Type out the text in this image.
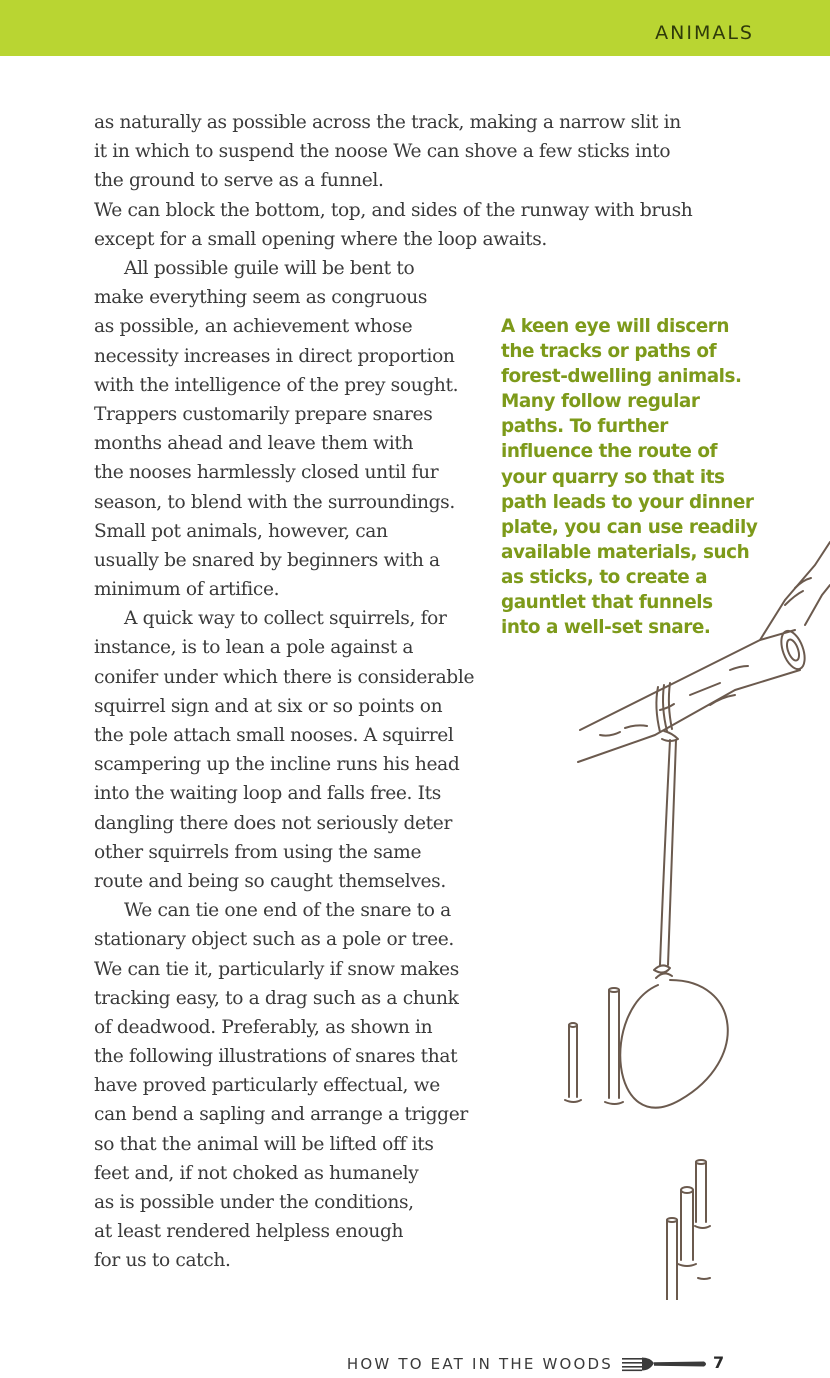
ANIMALS
as naturally as possible across the track, making a narrow slit in
it in which to suspend the noose We can shove a few sticks into
the ground to serve as a funnel.
We can block the bottom, top, and sides of the runway with brush
except for a small opening where the loop awaits.
All possible guile will be bent to
make everything seem as congruous
as possible, an achievement whose
necessity increases in direct proportion
with the intelligence of the prey sought.
Trappers customarily prepare snares
months ahead and leave them with
the nooses harmlessly closed until fur
season, to blend with the surroundings.
Small pot animals, however, can
usually be snared by beginners with a
minimum of artifice.
A quick way to collect squirrels, for
instance, is to lean a pole against a
conifer under which there is considerable
squirrel sign and at six or so points on
the pole attach small nooses. A squirrel
scampering up the incline runs his head
into the waiting loop and falls free. Its
dangling there does not seriously deter
other squirrels from using the same
route and being so caught themselves.
We can tie one end of the snare to a
stationary object such as a pole or tree.
We can tie it, particularly if snow makes
tracking easy, to a drag such as a chunk
of deadwood. Preferably, as shown in
the following illustrations of snares that
have proved particularly effectual, we
can bend a sapling and arrange a trigger
so that the animal will be lifted off its
feet and, if not choked as humanely
as is possible under the conditions,
at least rendered helpless enough
for us to catch.
A keen eye will discern
the tracks or paths of
forest-dwelling animals.
Many follow regular
paths. To further
influence the route of
your quarry so that its
path leads to your dinner
plate, you can use readily
available materials, such
as sticks, to create a
gauntlet that funnels
into a well-set snare.
HOW TO EAT IN THE WOODS	7
